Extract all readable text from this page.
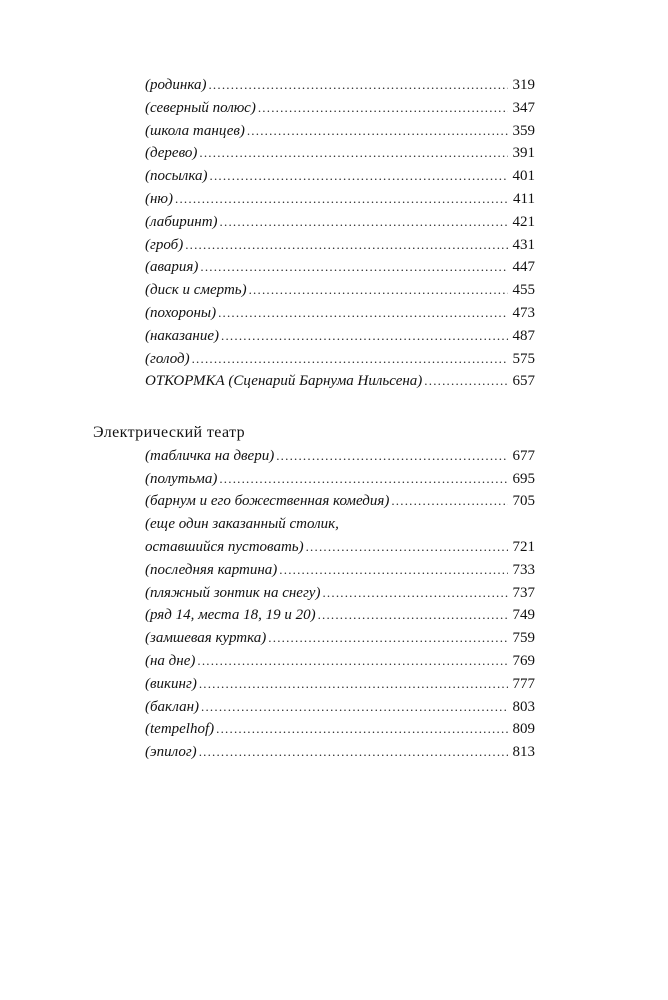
(родинка) .....	319
(северный полюс) .....	347
(школа танцев) .....	359
(дерево) .....	391
(посылка) .....	401
(ню) .....	411
(лабиринт) .....	421
(гроб) .....	431
(авария) .....	447
(диск и смерть) .....	455
(похороны) .....	473
(наказание) .....	487
(голод) .....	575
ОТКОРМКА (Сценарий Барнума Нильсена) .....	657
Электрический театр
(табличка на двери) .....	677
(полутьма) .....	695
(барнум и его божественная комедия) .....	705
(еще один заказанный столик,
оставшийся пустовать) .....	721
(последняя картина) .....	733
(пляжный зонтик на снегу) .....	737
(ряд 14, места 18, 19 и 20) .....	749
(замшевая куртка) .....	759
(на дне) .....	769
(викинг) .....	777
(баклан) .....	803
(tempelhof) .....	809
(эпилог) .....	813
